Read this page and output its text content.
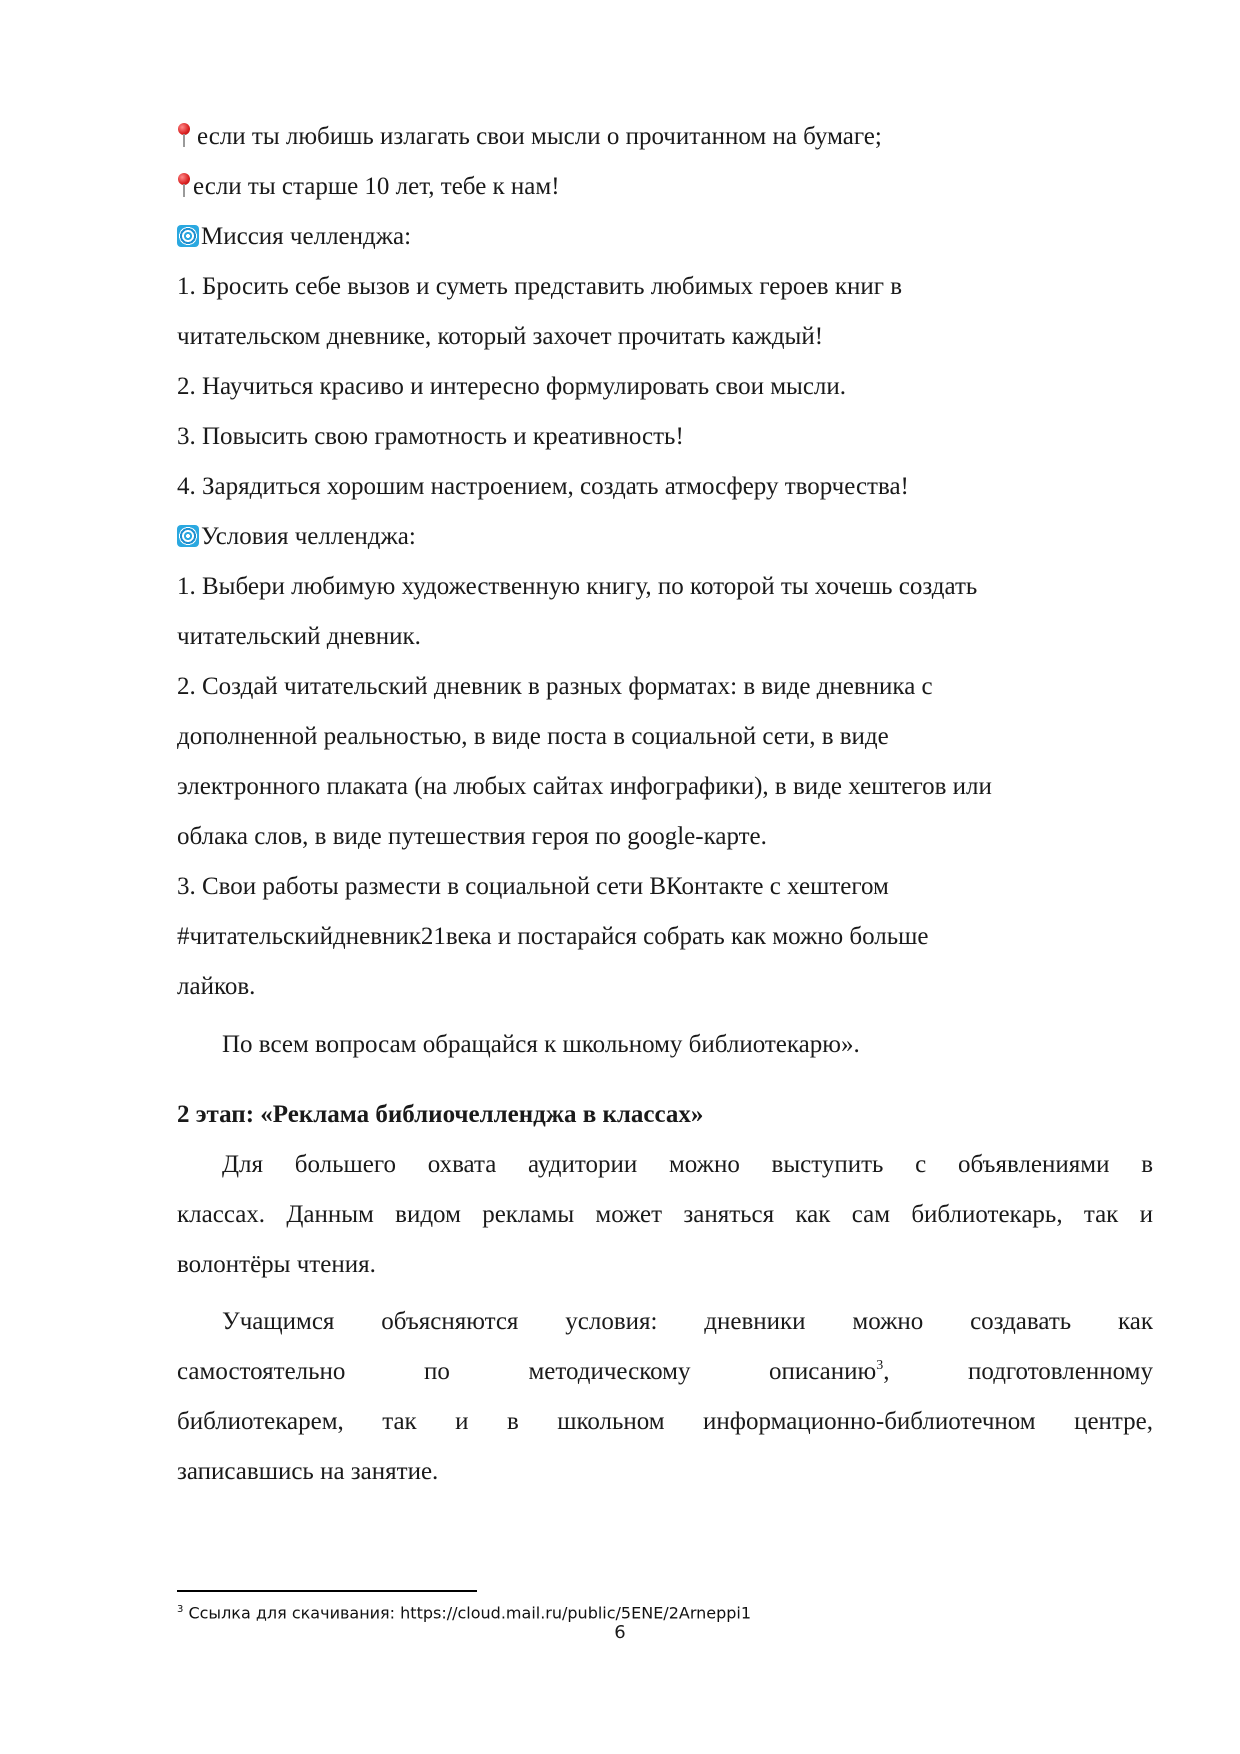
если ты любишь излагать свои мысли о прочитанном на бумаге;
если ты старше 10 лет, тебе к нам!
Миссия челленджа:
1. Бросить себе вызов и суметь представить любимых героев книг в
читательском дневнике, который захочет прочитать каждый!
2. Научиться красиво и интересно формулировать свои мысли.
3. Повысить свою грамотность и креативность!
4. Зарядиться хорошим настроением, создать атмосферу творчества!
Условия челленджа:
1. Выбери любимую художественную книгу, по которой ты хочешь создать
читательский дневник.
2. Создай читательский дневник в разных форматах: в виде дневника с
дополненной реальностью, в виде поста в социальной сети, в виде
электронного плаката (на любых сайтах инфографики), в виде хештегов или
облака слов, в виде путешествия героя по google-карте.
3. Свои работы размести в социальной сети ВКонтакте с хештегом
#читательскийдневник21века и постарайся собрать как можно больше
лайков.
По всем вопросам обращайся к школьному библиотекарю».
2 этап: «Реклама библиочелленджа в классах»
Для большего охвата аудитории можно выступить с объявлениями в
классах. Данным видом рекламы может заняться как сам библиотекарь, так и
волонтёры чтения.
Учащимся объясняются условия: дневники можно создавать как
самостоятельно	по	методическому	описанию$^3$,	подготовленному
библиотекарем, так и в школьном информационно-библиотечном центре,
записавшись на занятие.
$^3$ Ссылка для скачивания: https://cloud.mail.ru/public/5ENE/2Arneppi1
6
